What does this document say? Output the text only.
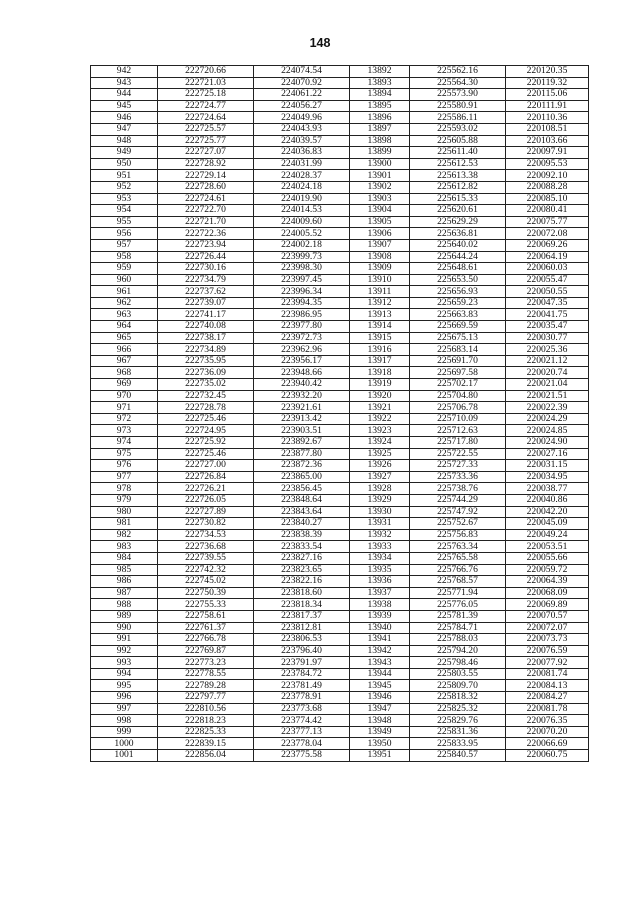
148
942	222720.66	224074.54	13892	225562.16	220120.35
943	222721.03	224070.92	13893	225564.30	220119.32
944	222725.18	224061.22	13894	225573.90	220115.06
945	222724.77	224056.27	13895	225580.91	220111.91
946	222724.64	224049.96	13896	225586.11	220110.36
947	222725.57	224043.93	13897	225593.02	220108.51
948	222725.77	224039.57	13898	225605.88	220103.66
949	222727.07	224036.83	13899	225611.40	220097.91
950	222728.92	224031.99	13900	225612.53	220095.53
951	222729.14	224028.37	13901	225613.38	220092.10
952	222728.60	224024.18	13902	225612.82	220088.28
953	222724.61	224019.90	13903	225615.33	220085.10
954	222722.70	224014.53	13904	225620.61	220080.41
955	222721.70	224009.60	13905	225629.29	220075.77
956	222722.36	224005.52	13906	225636.81	220072.08
957	222723.94	224002.18	13907	225640.02	220069.26
958	222726.44	223999.73	13908	225644.24	220064.19
959	222730.16	223998.30	13909	225648.61	220060.03
960	222734.79	223997.45	13910	225653.50	220055.47
961	222737.62	223996.34	13911	225656.93	220050.55
962	222739.07	223994.35	13912	225659.23	220047.35
963	222741.17	223986.95	13913	225663.83	220041.75
964	222740.08	223977.80	13914	225669.59	220035.47
965	222738.17	223972.73	13915	225675.13	220030.77
966	222734.89	223962.96	13916	225683.14	220025.36
967	222735.95	223956.17	13917	225691.70	220021.12
968	222736.09	223948.66	13918	225697.58	220020.74
969	222735.02	223940.42	13919	225702.17	220021.04
970	222732.45	223932.20	13920	225704.80	220021.51
971	222728.78	223921.61	13921	225706.78	220022.39
972	222725.46	223913.42	13922	225710.09	220024.29
973	222724.95	223903.51	13923	225712.63	220024.85
974	222725.92	223892.67	13924	225717.80	220024.90
975	222725.46	223877.80	13925	225722.55	220027.16
976	222727.00	223872.36	13926	225727.33	220031.15
977	222726.84	223865.00	13927	225733.36	220034.95
978	222726.21	223856.45	13928	225738.76	220038.77
979	222726.05	223848.64	13929	225744.29	220040.86
980	222727.89	223843.64	13930	225747.92	220042.20
981	222730.82	223840.27	13931	225752.67	220045.09
982	222734.53	223838.39	13932	225756.83	220049.24
983	222736.68	223833.54	13933	225763.34	220053.51
984	222739.55	223827.16	13934	225765.58	220055.66
985	222742.32	223823.65	13935	225766.76	220059.72
986	222745.02	223822.16	13936	225768.57	220064.39
987	222750.39	223818.60	13937	225771.94	220068.09
988	222755.33	223818.34	13938	225776.05	220069.89
989	222758.61	223817.37	13939	225781.39	220070.57
990	222761.37	223812.81	13940	225784.71	220072.07
991	222766.78	223806.53	13941	225788.03	220073.73
992	222769.87	223796.40	13942	225794.20	220076.59
993	222773.23	223791.97	13943	225798.46	220077.92
994	222778.55	223784.72	13944	225803.55	220081.74
995	222789.28	223781.49	13945	225809.70	220084.13
996	222797.77	223778.91	13946	225818.32	220084.27
997	222810.56	223773.68	13947	225825.32	220081.78
998	222818.23	223774.42	13948	225829.76	220076.35
999	222825.33	223777.13	13949	225831.36	220070.20
1000	222839.15	223778.04	13950	225833.95	220066.69
1001	222856.04	223775.58	13951	225840.57	220060.75
